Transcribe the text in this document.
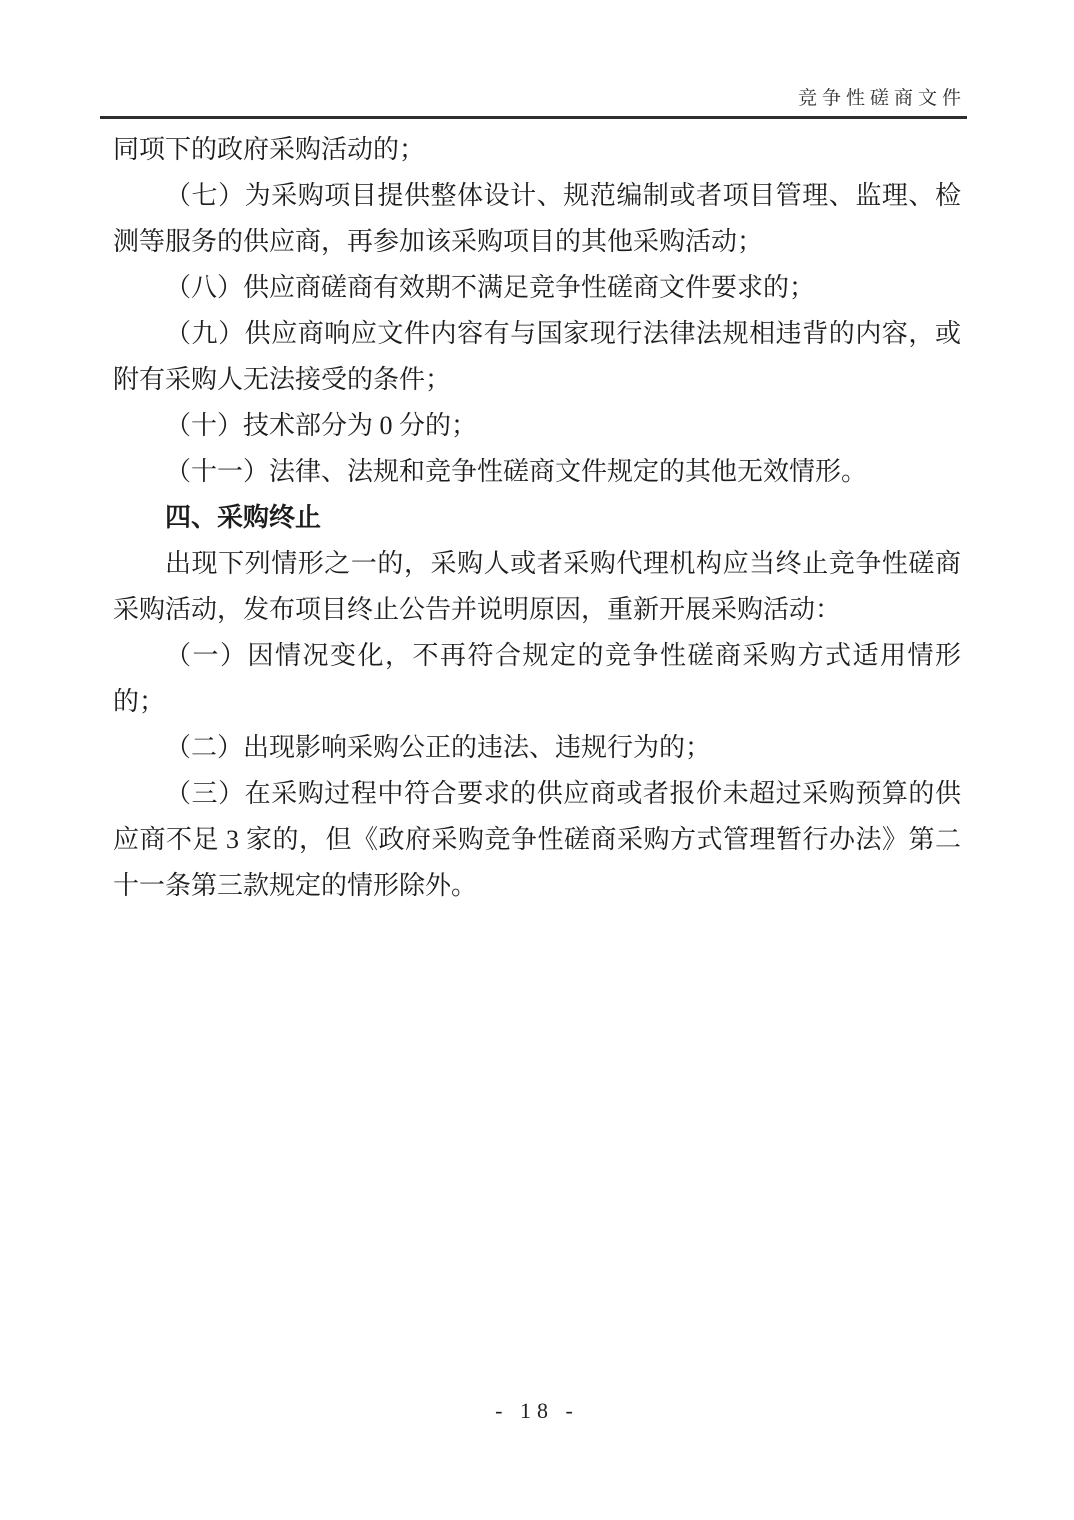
竞争性磋商文件

同项下的政府采购活动的；

（七）为采购项目提供整体设计、规范编制或者项目管理、监理、检测等服务的供应商，再参加该采购项目的其他采购活动；

（八）供应商磋商有效期不满足竞争性磋商文件要求的；

（九）供应商响应文件内容有与国家现行法律法规相违背的内容，或附有采购人无法接受的条件；

（十）技术部分为 0 分的；

（十一）法律、法规和竞争性磋商文件规定的其他无效情形。

四、采购终止

出现下列情形之一的，采购人或者采购代理机构应当终止竞争性磋商采购活动，发布项目终止公告并说明原因，重新开展采购活动：

（一）因情况变化，不再符合规定的竞争性磋商采购方式适用情形的；

（二）出现影响采购公正的违法、违规行为的；

（三）在采购过程中符合要求的供应商或者报价未超过采购预算的供应商不足 3 家的，但《政府采购竞争性磋商采购方式管理暂行办法》第二十一条第三款规定的情形除外。

- 18 -
